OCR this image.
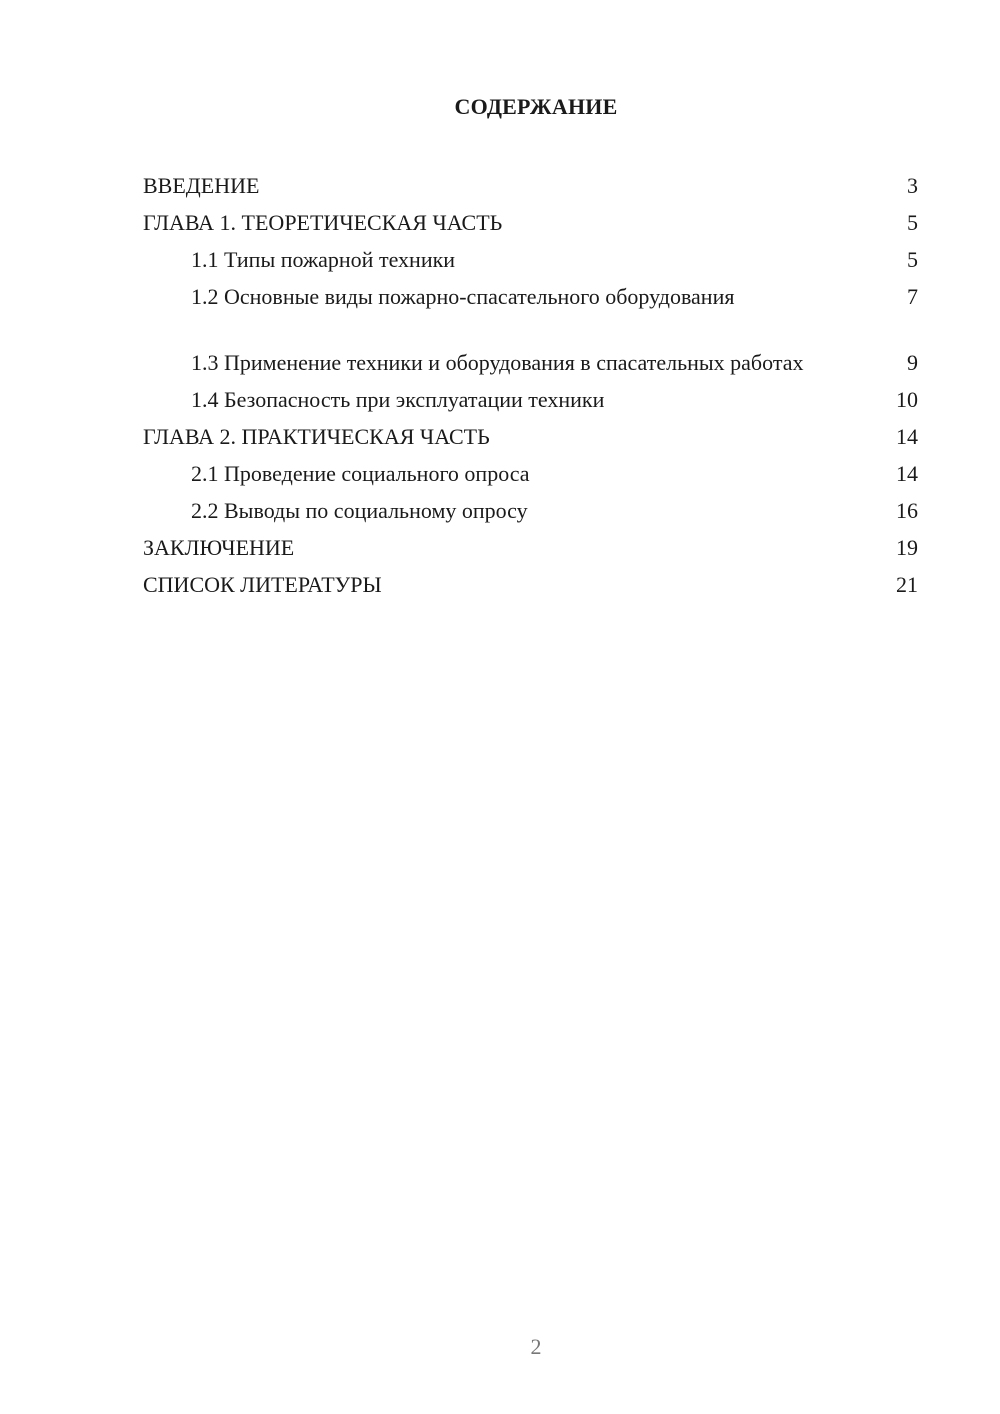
СОДЕРЖАНИЕ
ВВЕДЕНИЕ	3
ГЛАВА 1. ТЕОРЕТИЧЕСКАЯ ЧАСТЬ	5
1.1 Типы пожарной техники	5
1.2 Основные виды пожарно-спасательного оборудования	7
1.3 Применение техники и оборудования в спасательных работах	9
1.4 Безопасность при эксплуатации техники	10
ГЛАВА 2. ПРАКТИЧЕСКАЯ ЧАСТЬ	14
2.1 Проведение социального опроса	14
2.2 Выводы по социальному опросу	16
ЗАКЛЮЧЕНИЕ	19
СПИСОК ЛИТЕРАТУРЫ	21

2
